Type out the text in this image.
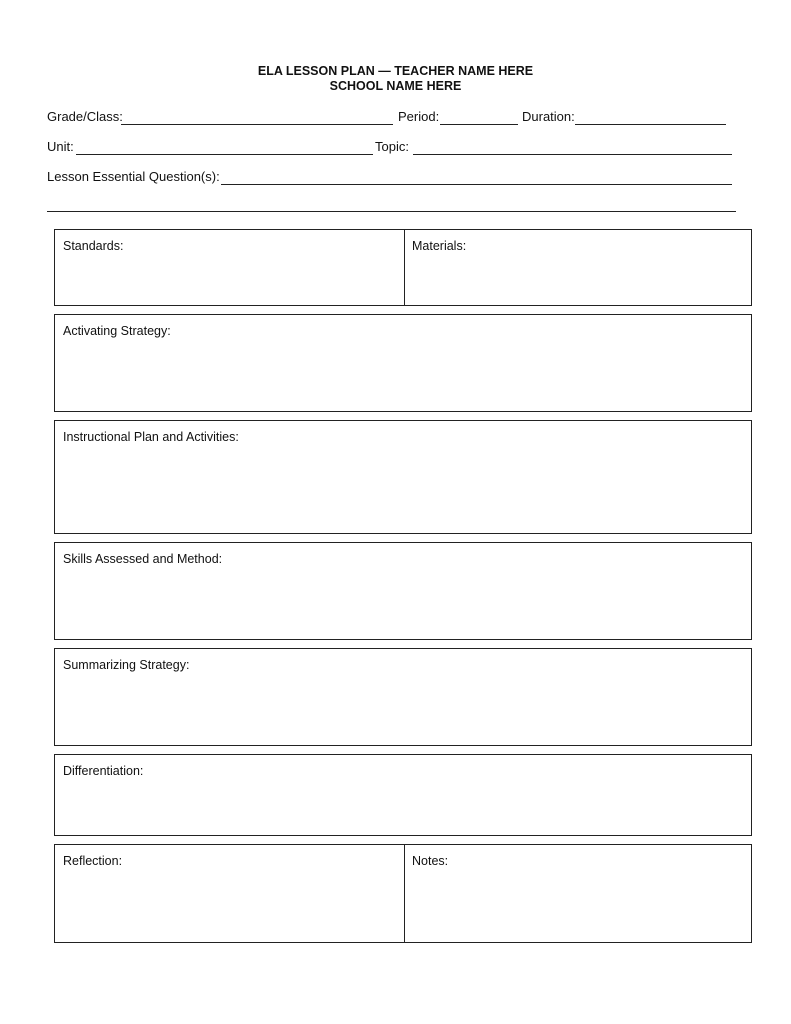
ELA LESSON PLAN — TEACHER NAME HERE
SCHOOL NAME HERE
Grade/Class:	Period:	Duration:
Unit:	Topic:
Lesson Essential Question(s):
Standards:	Materials:
Activating Strategy:
Instructional Plan and Activities:
Skills Assessed and Method:
Summarizing Strategy:
Differentiation:
Reflection:	Notes:
